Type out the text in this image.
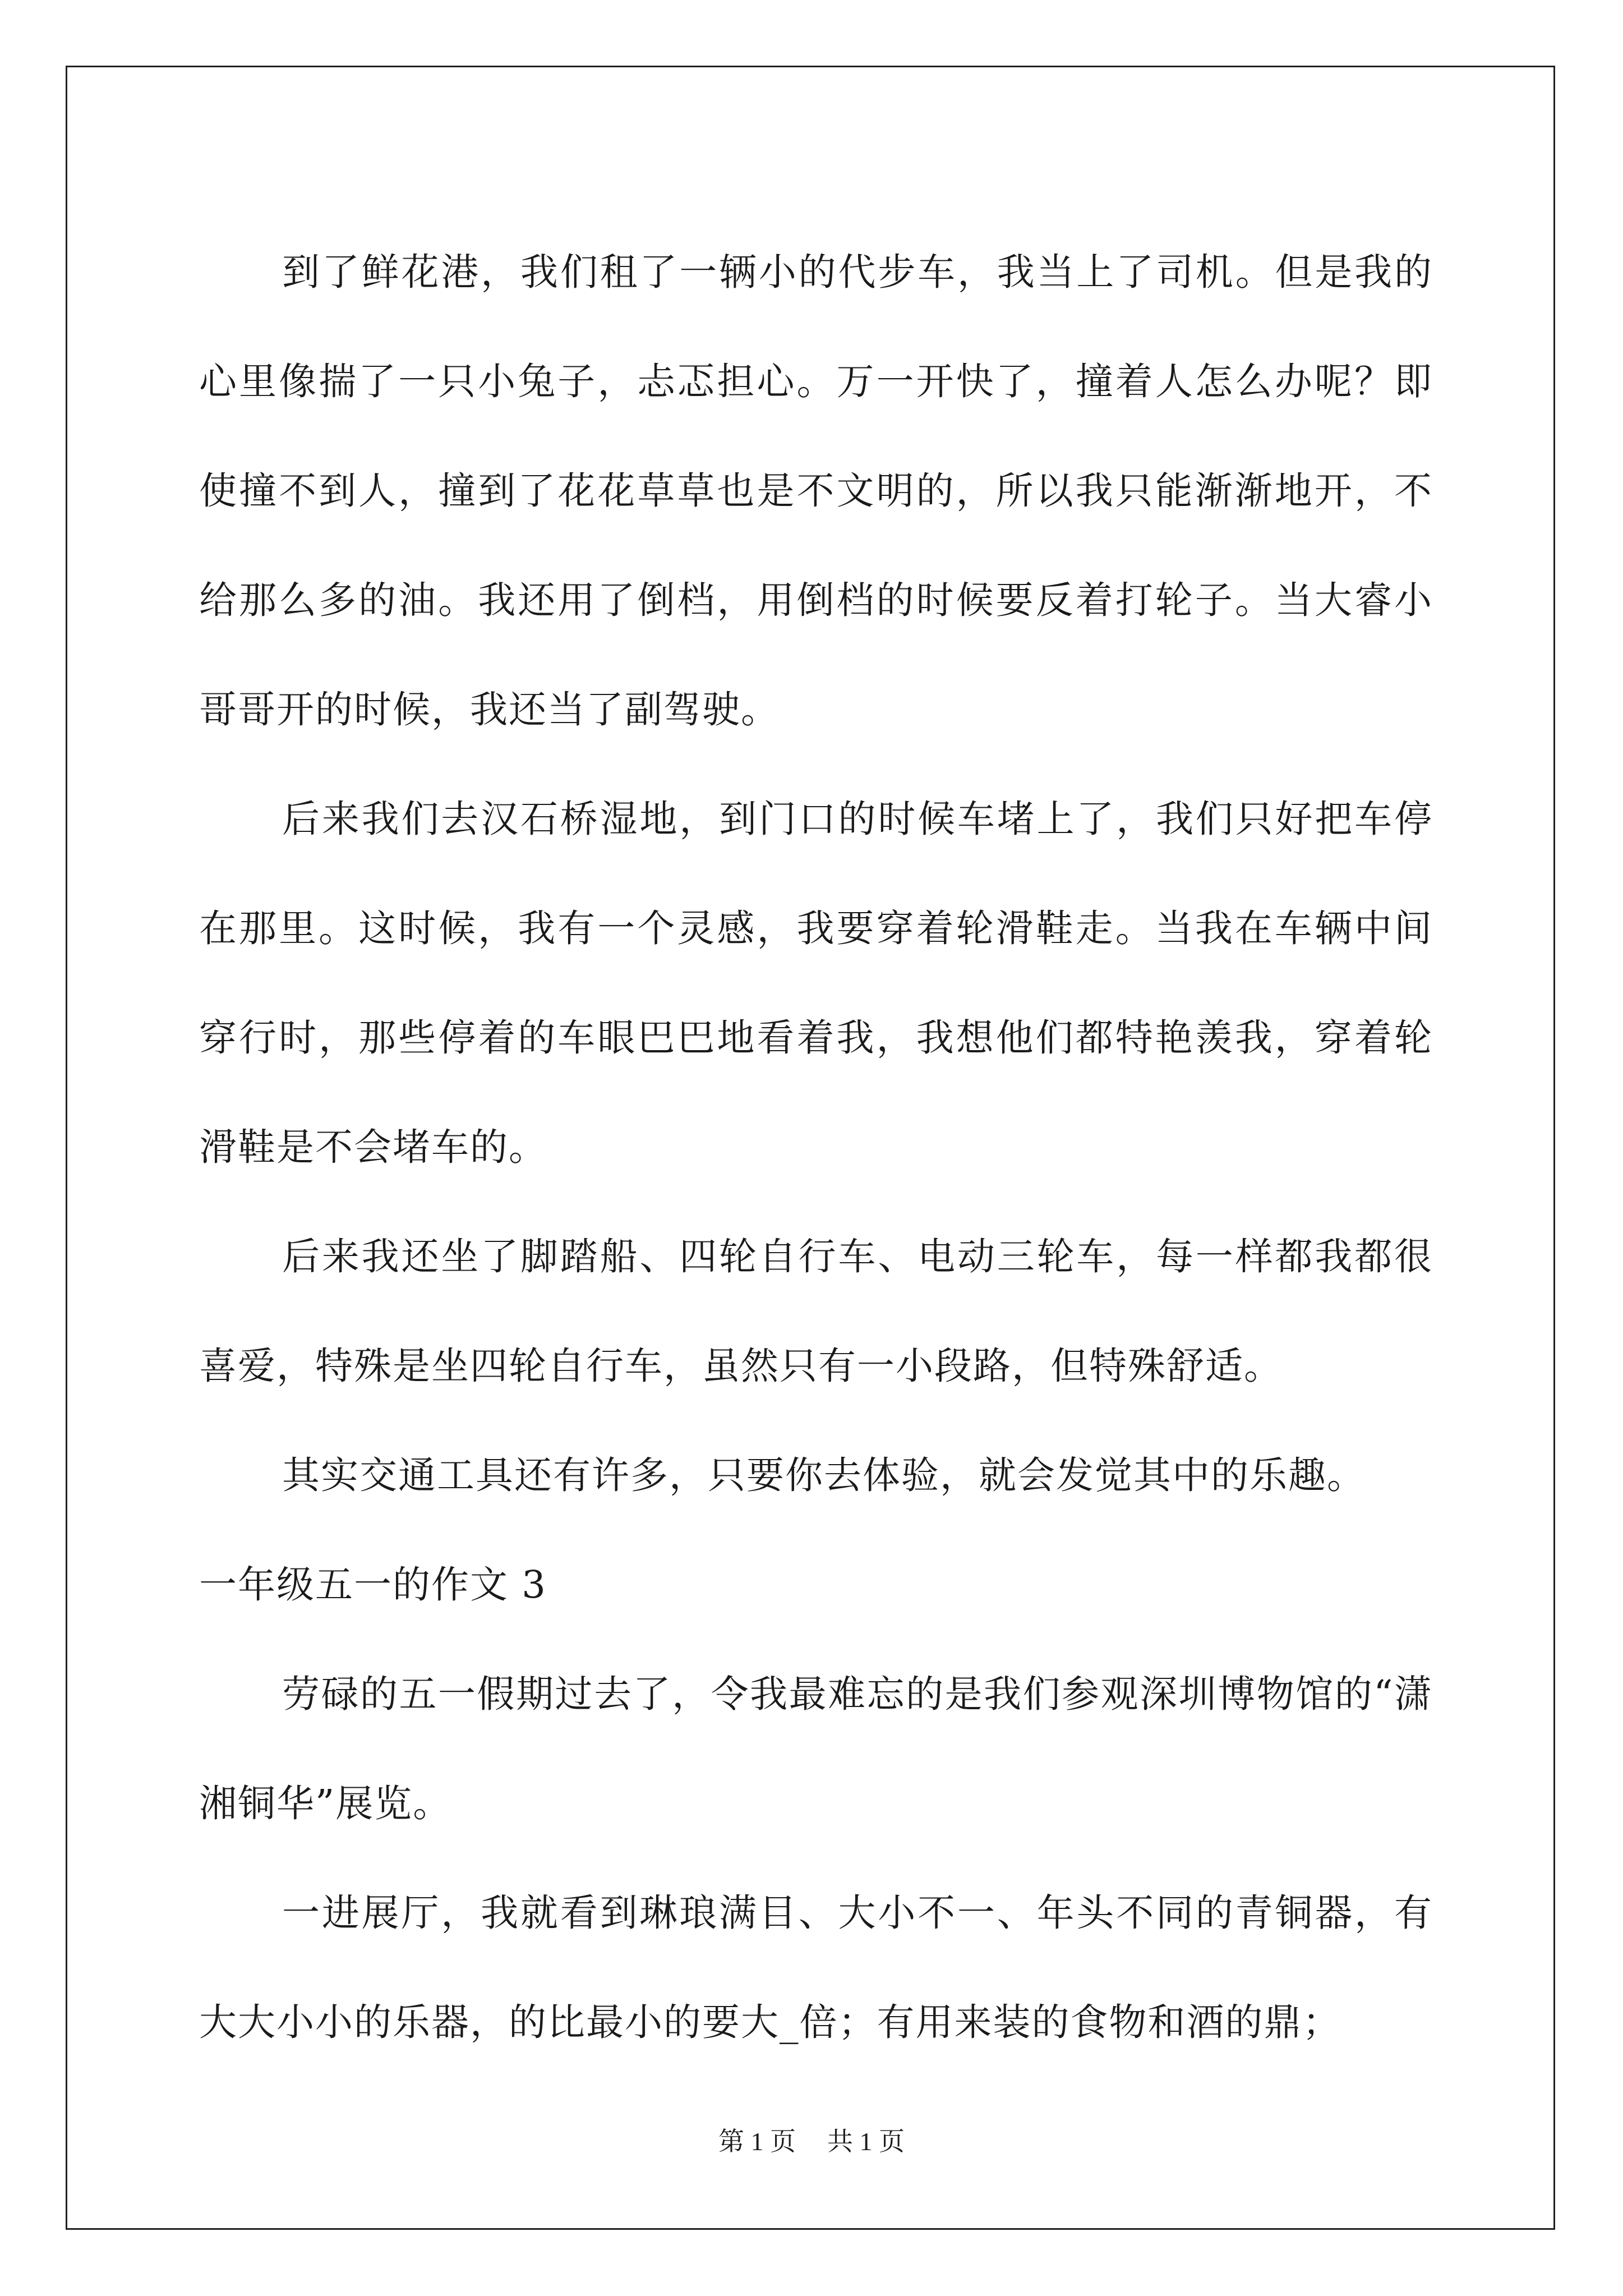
到了鲜花港，我们租了一辆小的代步车，我当上了司机。但是我的心里像揣了一只小兔子，忐忑担心。万一开快了，撞着人怎么办呢？即使撞不到人，撞到了花花草草也是不文明的，所以我只能渐渐地开，不给那么多的油。我还用了倒档，用倒档的时候要反着打轮子。当大睿小哥哥开的时候，我还当了副驾驶。

后来我们去汉石桥湿地，到门口的时候车堵上了，我们只好把车停在那里。这时候，我有一个灵感，我要穿着轮滑鞋走。当我在车辆中间穿行时，那些停着的车眼巴巴地看着我，我想他们都特艳羡我，穿着轮滑鞋是不会堵车的。

后来我还坐了脚踏船、四轮自行车、电动三轮车，每一样都我都很喜爱，特殊是坐四轮自行车，虽然只有一小段路，但特殊舒适。

其实交通工具还有许多，只要你去体验，就会发觉其中的乐趣。

一年级五一的作文 3

劳碌的五一假期过去了，令我最难忘的是我们参观深圳博物馆的“潇湘铜华”展览。

一进展厅，我就看到琳琅满目、大小不一、年头不同的青铜器，有大大小小的乐器，的比最小的要大_倍；有用来装的食物和酒的鼎；

第 1 页 共 1 页
